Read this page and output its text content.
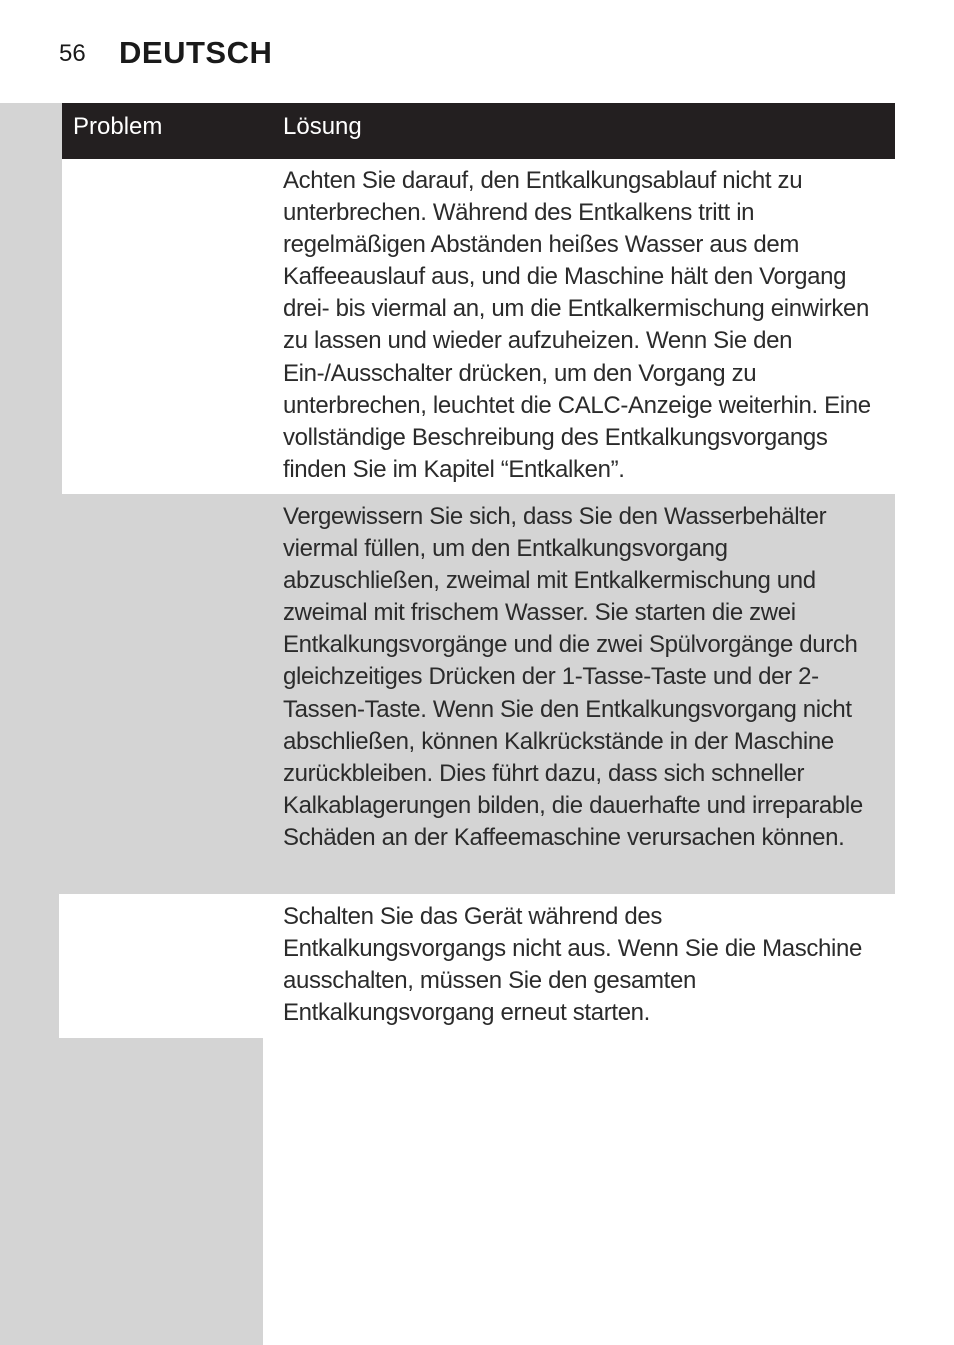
56 DEUTSCH
Problem	Lösung
Achten Sie darauf, den Entkalkungsablauf nicht zu unterbrechen. Während des Entkalkens tritt in regelmäßigen Abständen heißes Wasser aus dem Kaffeeauslauf aus, und die Maschine hält den Vorgang drei- bis viermal an, um die Entkalkermischung einwirken zu lassen und wieder aufzuheizen. Wenn Sie den Ein-/Ausschalter drücken, um den Vorgang zu unterbrechen, leuchtet die CALC-Anzeige weiterhin. Eine vollständige Beschreibung des Entkalkungsvorgangs finden Sie im Kapitel “Entkalken”.
Vergewissern Sie sich, dass Sie den Wasserbehälter viermal füllen, um den Entkalkungsvorgang abzuschließen, zweimal mit Entkalkermischung und zweimal mit frischem Wasser. Sie starten die zwei Entkalkungsvorgänge und die zwei Spülvorgänge durch gleichzeitiges Drücken der 1-Tasse-Taste und der 2-Tassen-Taste. Wenn Sie den Entkalkungsvorgang nicht abschließen, können Kalkrückstände in der Maschine zurückbleiben. Dies führt dazu, dass sich schneller Kalkablagerungen bilden, die dauerhafte und irreparable Schäden an der Kaffeemaschine verursachen können.
Schalten Sie das Gerät während des Entkalkungsvorgangs nicht aus. Wenn Sie die Maschine ausschalten, müssen Sie den gesamten Entkalkungsvorgang erneut starten.
